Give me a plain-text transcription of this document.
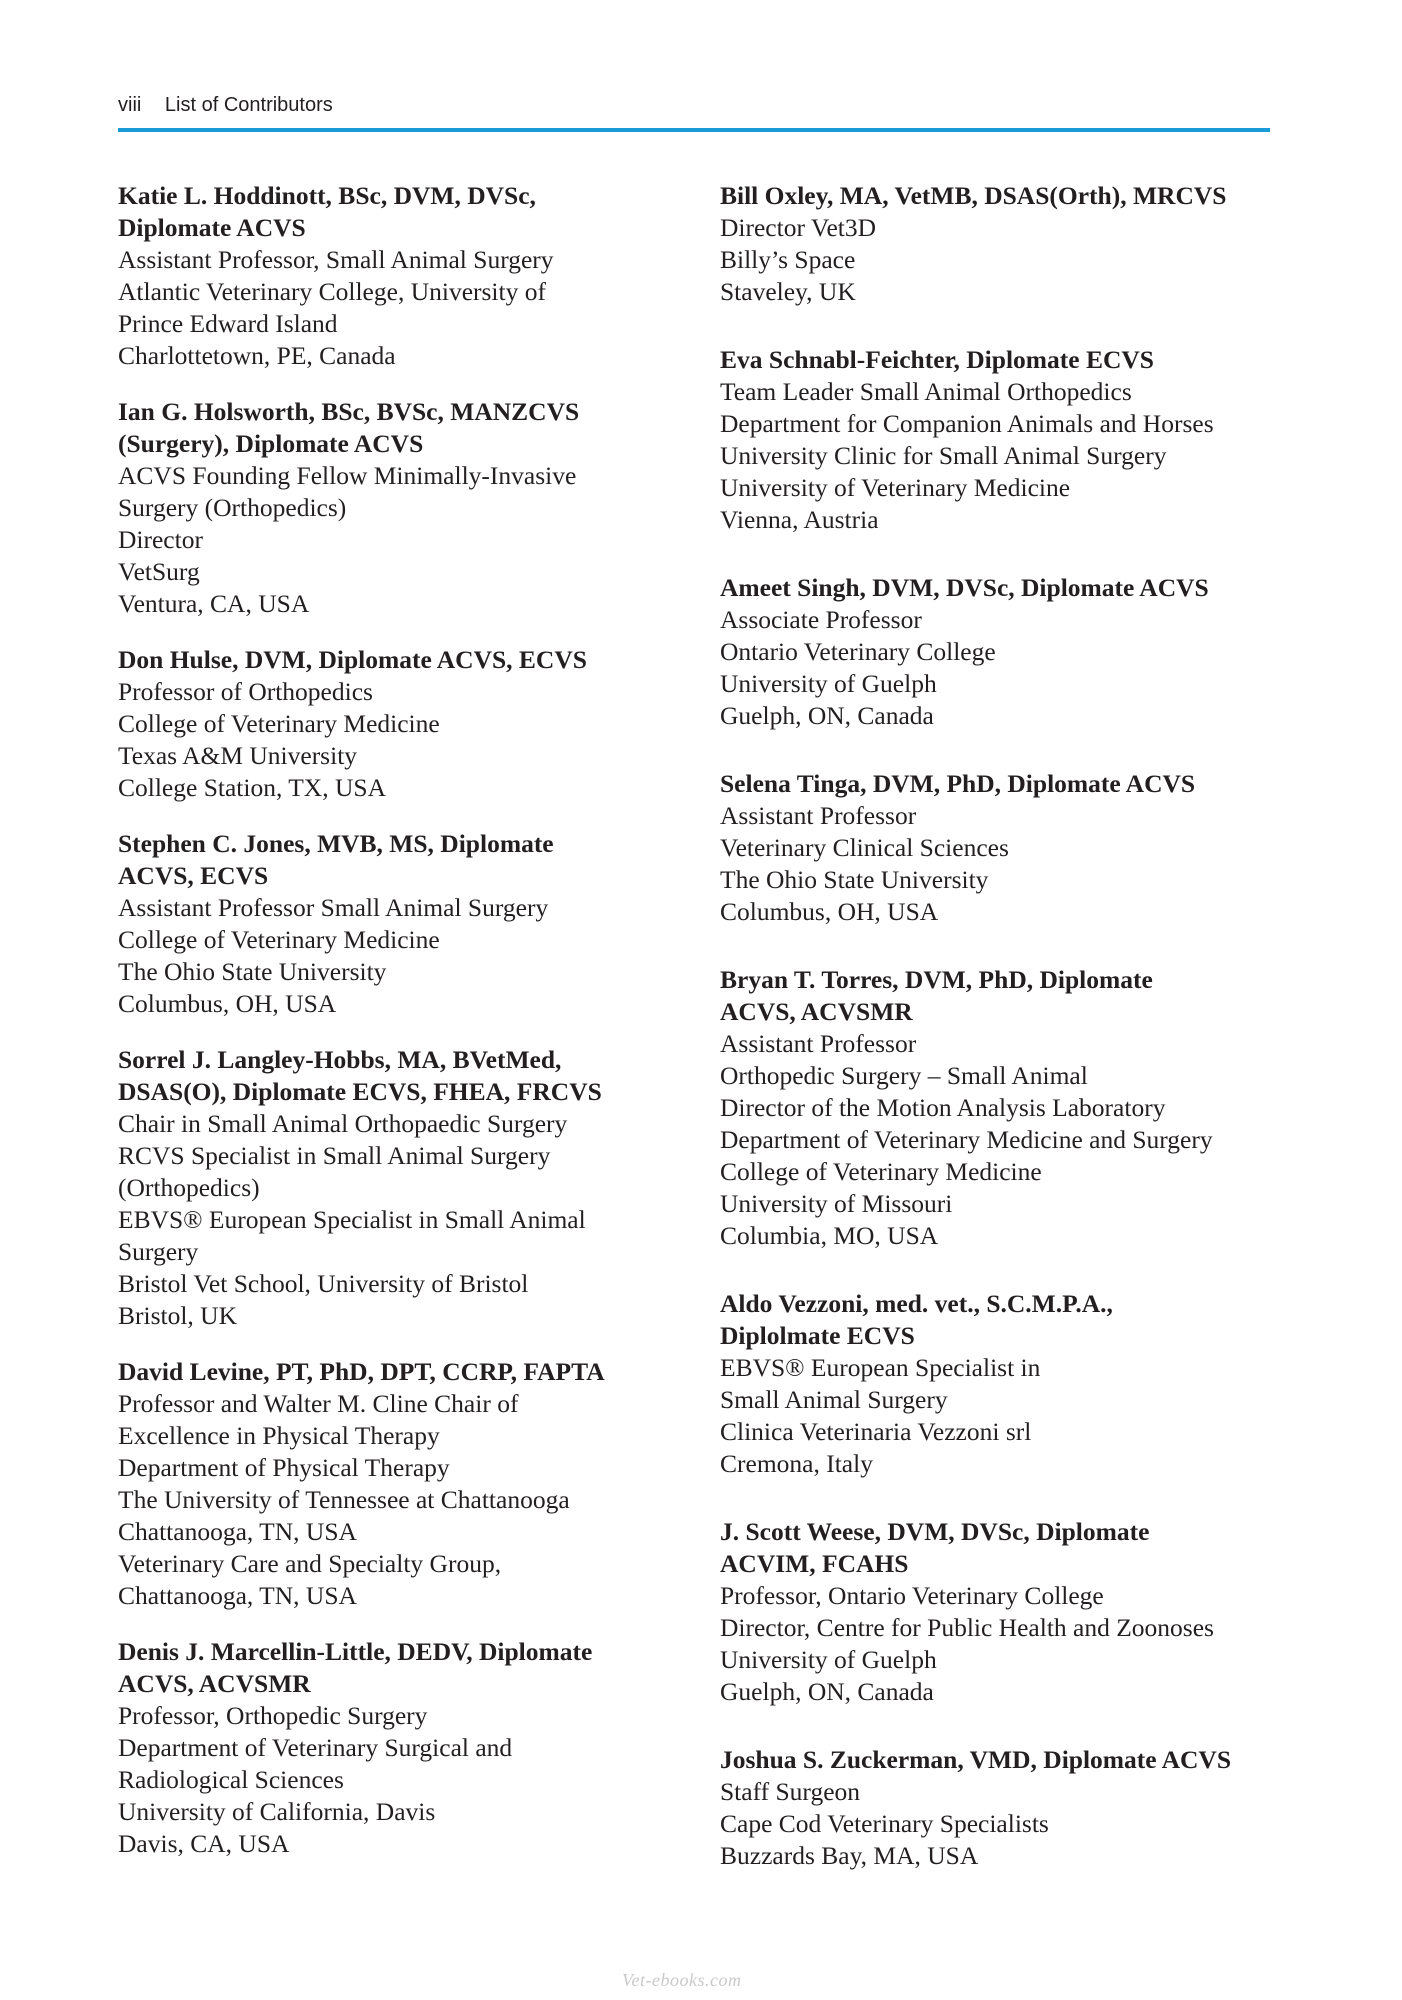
viii List of Contributors

Katie L. Hoddinott, BSc, DVM, DVSc,

Diplomate ACVS

Assistant Professor, Small Animal Surgery

Atlantic Veterinary College, University of

Prince Edward Island

Charlottetown, PE, Canada

Ian G. Holsworth, BSc, BVSc, MANZCVS

(Surgery), Diplomate ACVS

ACVS Founding Fellow Minimally-Invasive

Surgery (Orthopedics)

Director

VetSurg

Ventura, CA, USA

Don Hulse, DVM, Diplomate ACVS, ECVS

Professor of Orthopedics

College of Veterinary Medicine

Texas A&M University

College Station, TX, USA

Stephen C. Jones, MVB, MS, Diplomate

ACVS, ECVS

Assistant Professor Small Animal Surgery

College of Veterinary Medicine

The Ohio State University

Columbus, OH, USA

Sorrel J. Langley-Hobbs, MA, BVetMed,

DSAS(O), Diplomate ECVS, FHEA, FRCVS

Chair in Small Animal Orthopaedic Surgery

RCVS Specialist in Small Animal Surgery

(Orthopedics)

EBVS® European Specialist in Small Animal

Surgery

Bristol Vet School, University of Bristol

Bristol, UK

David Levine, PT, PhD, DPT, CCRP, FAPTA

Professor and Walter M. Cline Chair of

Excellence in Physical Therapy

Department of Physical Therapy

The University of Tennessee at Chattanooga

Chattanooga, TN, USA

Veterinary Care and Specialty Group,

Chattanooga, TN, USA

Denis J. Marcellin-Little, DEDV, Diplomate

ACVS, ACVSMR

Professor, Orthopedic Surgery

Department of Veterinary Surgical and

Radiological Sciences

University of California, Davis

Davis, CA, USA

Bill Oxley, MA, VetMB, DSAS(Orth), MRCVS

Director Vet3D

Billy’s Space

Staveley, UK

Eva Schnabl-Feichter, Diplomate ECVS

Team Leader Small Animal Orthopedics

Department for Companion Animals and Horses

University Clinic for Small Animal Surgery

University of Veterinary Medicine

Vienna, Austria

Ameet Singh, DVM, DVSc, Diplomate ACVS

Associate Professor

Ontario Veterinary College

University of Guelph

Guelph, ON, Canada

Selena Tinga, DVM, PhD, Diplomate ACVS

Assistant Professor

Veterinary Clinical Sciences

The Ohio State University

Columbus, OH, USA

Bryan T. Torres, DVM, PhD, Diplomate

ACVS, ACVSMR

Assistant Professor

Orthopedic Surgery – Small Animal

Director of the Motion Analysis Laboratory

Department of Veterinary Medicine and Surgery

College of Veterinary Medicine

University of Missouri

Columbia, MO, USA

Aldo Vezzoni, med. vet., S.C.M.P.A.,

Diplolmate ECVS

EBVS® European Specialist in

Small Animal Surgery

Clinica Veterinaria Vezzoni srl

Cremona, Italy

J. Scott Weese, DVM, DVSc, Diplomate

ACVIM, FCAHS

Professor, Ontario Veterinary College

Director, Centre for Public Health and Zoonoses

University of Guelph

Guelph, ON, Canada

Joshua S. Zuckerman, VMD, Diplomate ACVS

Staff Surgeon

Cape Cod Veterinary Specialists

Buzzards Bay, MA, USA

Vet-ebooks.com
